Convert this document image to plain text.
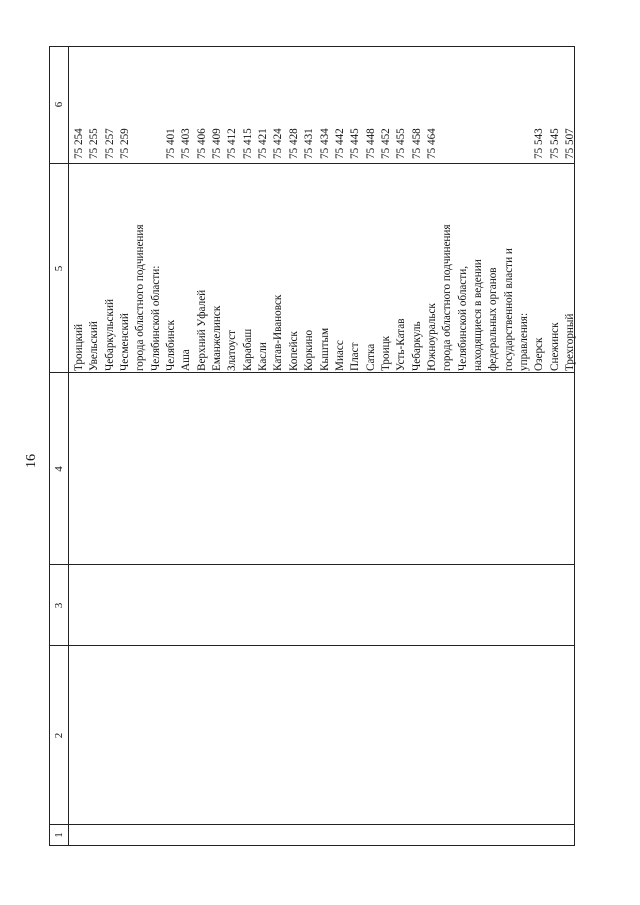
16
1
2
3
4
5
6
Троицкий Увельский Чебаркульский Чесменский города областного подчинения Челябинской области: Челябинск Аша Верхний Уфалей Еманжелинск Златоуст Карабаш Касли Катав-Ивановск Копейск Коркино Кыштым Миасс Пласт Сатка Троицк Усть-Катав Чебаркуль Южноуральск города областного подчинения Челябинской области, находящиеся в ведении федеральных органов государственной власти и управления: Озерск Снежинск Трехгорный
75 254 75 255 75 257 75 259	75 401 75 403 75 406 75 409 75 412 75 415 75 421 75 424 75 428 75 431 75 434 75 442 75 445 75 448 75 452 75 455 75 458 75 464	75 543 75 545 75 507
